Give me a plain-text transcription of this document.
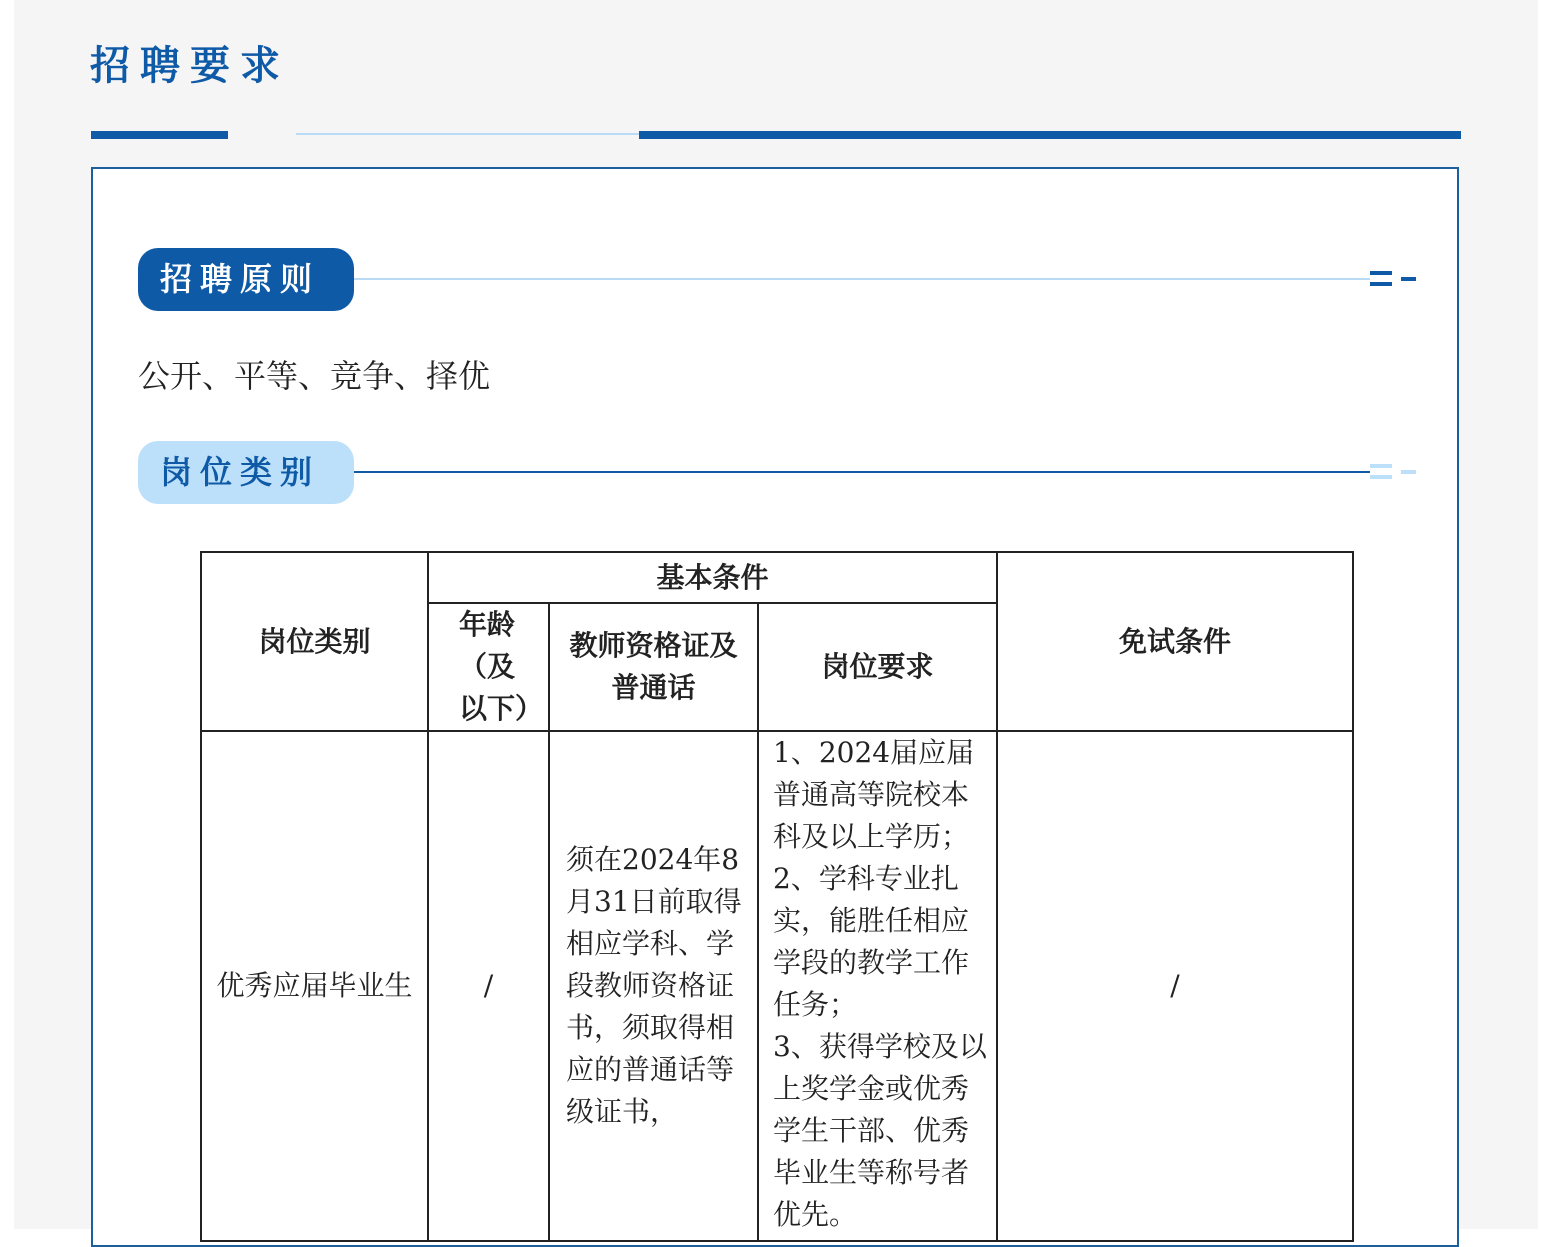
招聘要求
招聘原则
公开、平等、竞争、择优
岗位类别
岗位类别	基本条件			免试条件
	年龄（及以下）	教师资格证及普通话	岗位要求	
优秀应届毕业生	/	须在2024年8月31日前取得相应学科、学段教师资格证书，须取得相应的普通话等级证书，	1、2024届应届普通高等院校本科及以上学历；
2、学科专业扎实，能胜任相应学段的教学工作任务；
3、获得学校及以上奖学金或优秀学生干部、优秀毕业生等称号者优先。	/
